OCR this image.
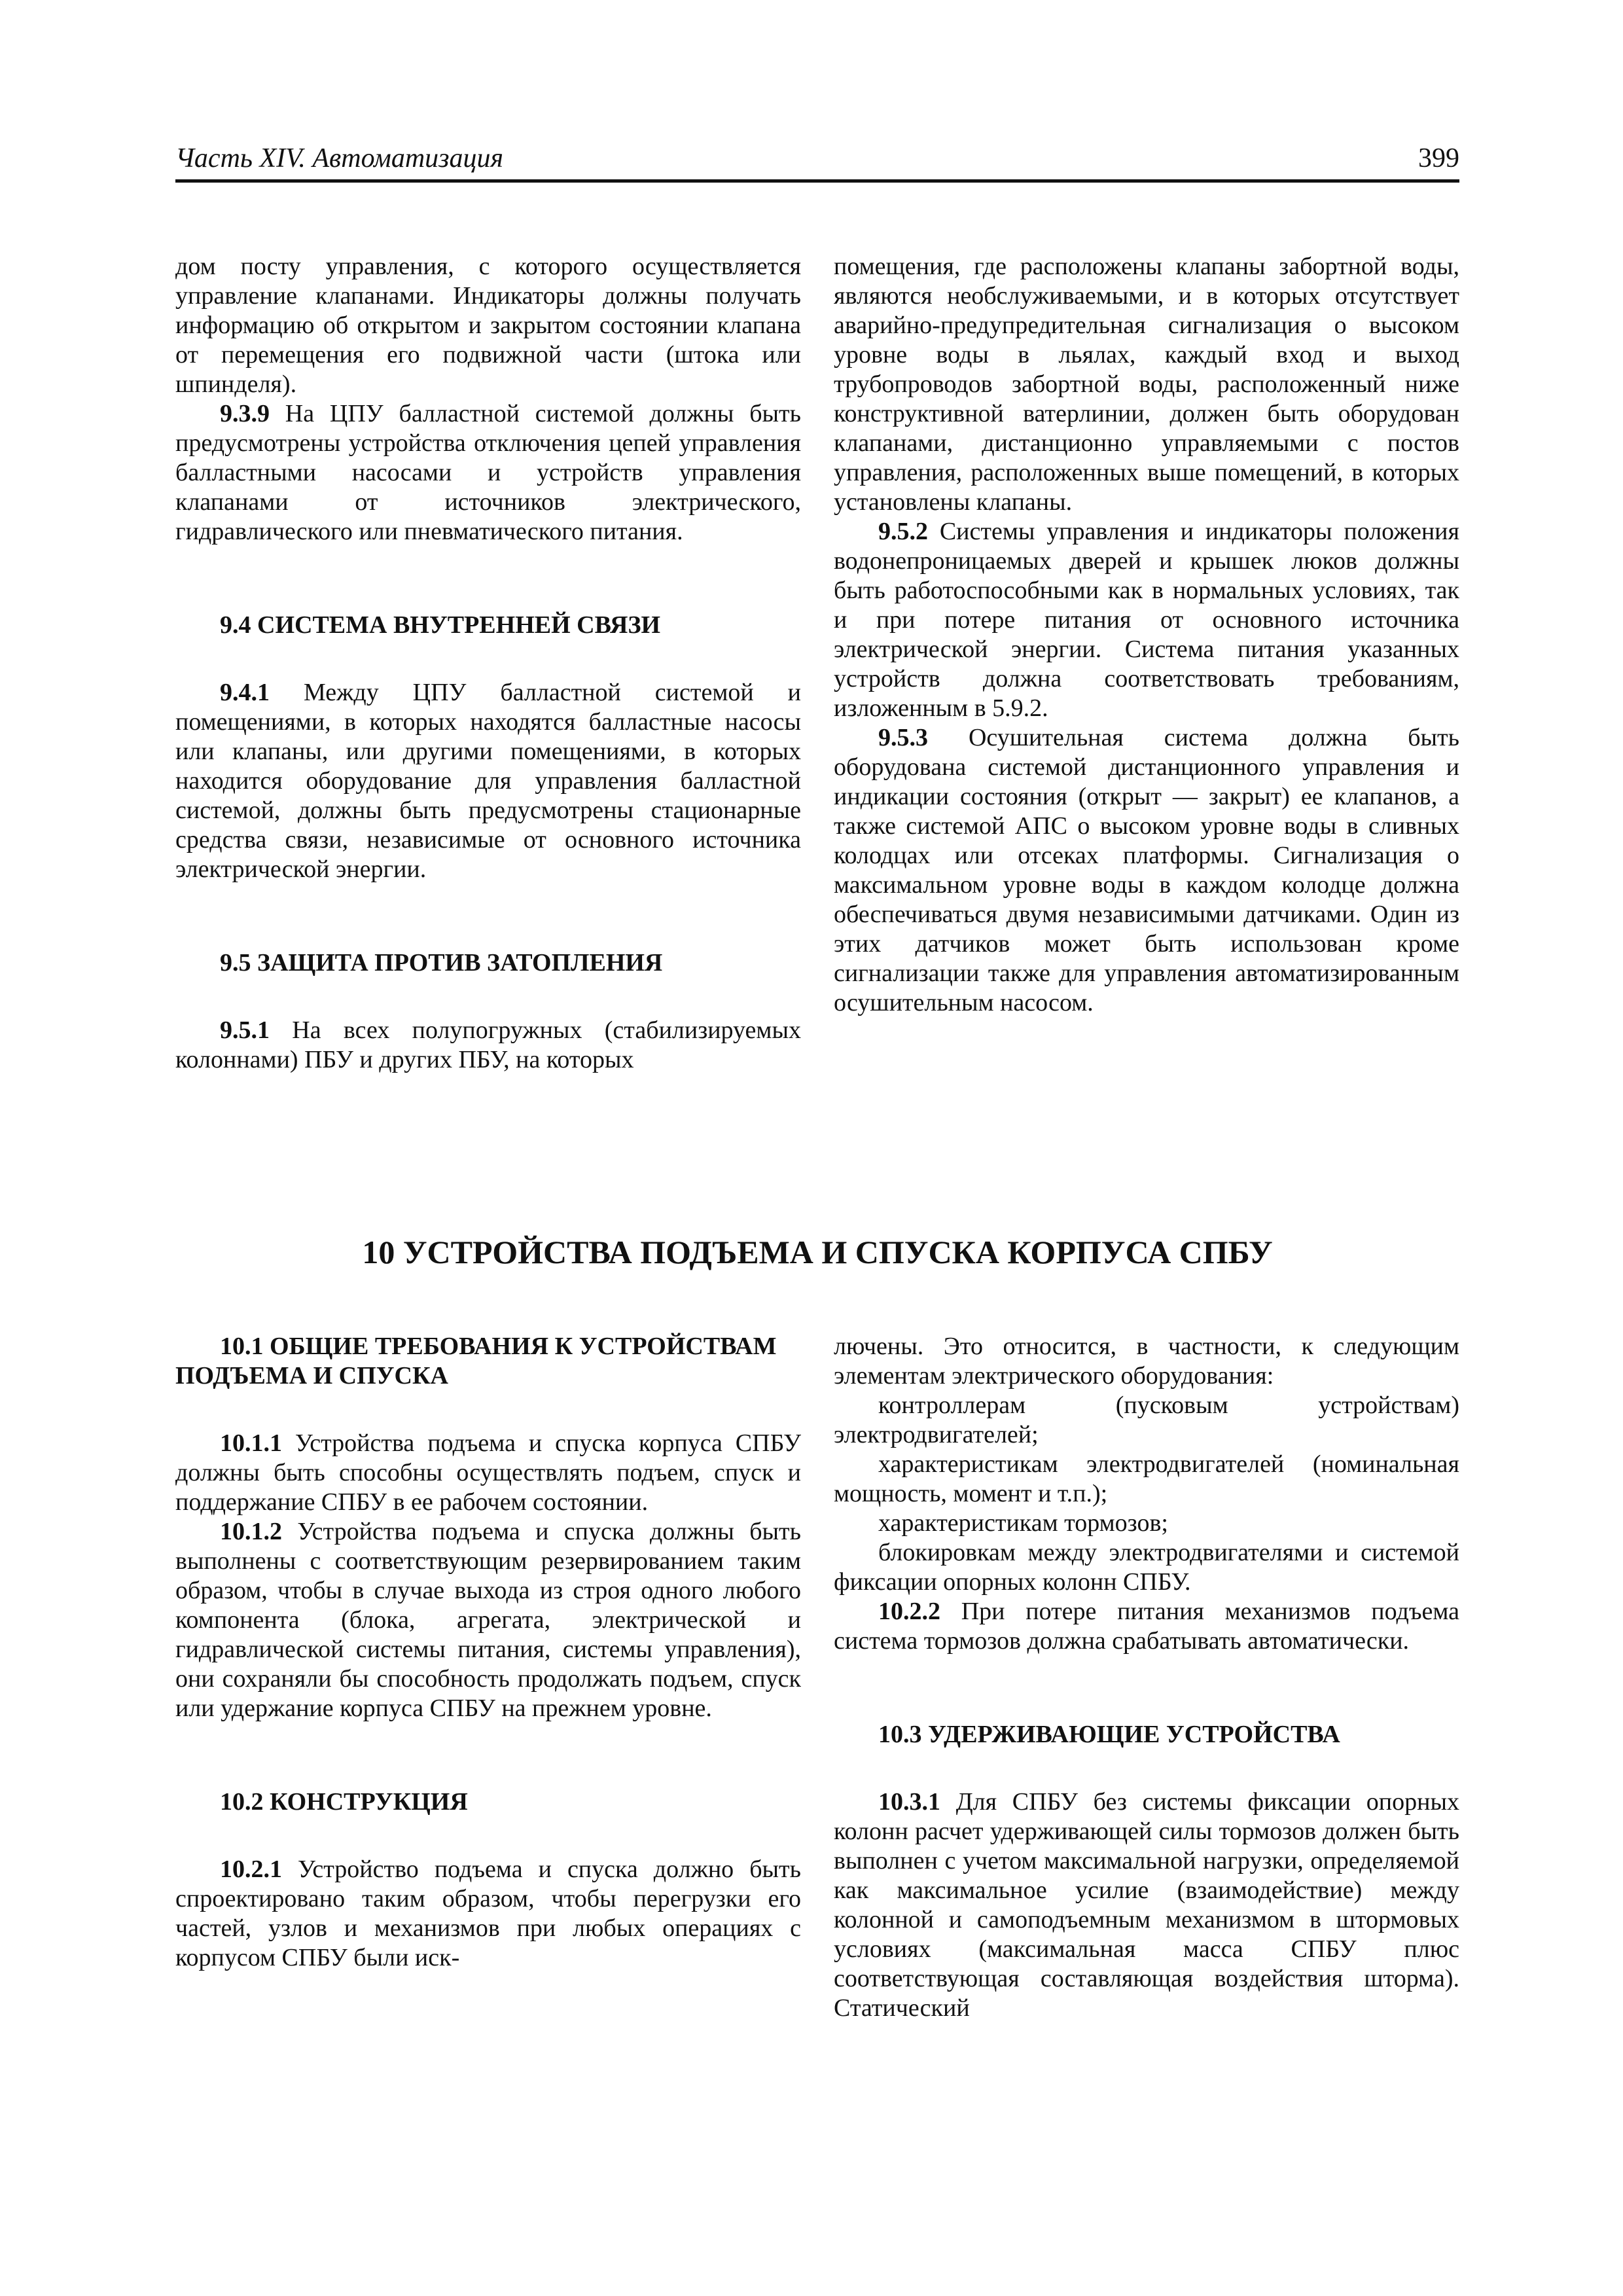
Часть XIV. Автоматизация	399

дом посту управления, с которого осуществляется управление клапанами. Индикаторы должны получать информацию об открытом и закрытом состоянии клапана от перемещения его подвижной части (штока или шпинделя).

9.3.9 На ЦПУ балластной системой должны быть предусмотрены устройства отключения цепей управления балластными насосами и устройств управления клапанами от источников электрического, гидравлического или пневматического питания.

9.4 СИСТЕМА ВНУТРЕННЕЙ СВЯЗИ

9.4.1 Между ЦПУ балластной системой и помещениями, в которых находятся балластные насосы или клапаны, или другими помещениями, в которых находится оборудование для управления балластной системой, должны быть предусмотрены стационарные средства связи, независимые от основного источника электрической энергии.

9.5 ЗАЩИТА ПРОТИВ ЗАТОПЛЕНИЯ

9.5.1 На всех полупогружных (стабилизируемых колоннами) ПБУ и других ПБУ, на которых

помещения, где расположены клапаны забортной воды, являются необслуживаемыми, и в которых отсутствует аварийно-предупредительная сигнализация о высоком уровне воды в льялах, каждый вход и выход трубопроводов забортной воды, расположенный ниже конструктивной ватерлинии, должен быть оборудован клапанами, дистанционно управляемыми с постов управления, расположенных выше помещений, в которых установлены клапаны.

9.5.2 Системы управления и индикаторы положения водонепроницаемых дверей и крышек люков должны быть работоспособными как в нормальных условиях, так и при потере питания от основного источника электрической энергии. Система питания указанных устройств должна соответствовать требованиям, изложенным в 5.9.2.

9.5.3 Осушительная система должна быть оборудована системой дистанционного управления и индикации состояния (открыт — закрыт) ее клапанов, а также системой АПС о высоком уровне воды в сливных колодцах или отсеках платформы. Сигнализация о максимальном уровне воды в каждом колодце должна обеспечиваться двумя независимыми датчиками. Один из этих датчиков может быть использован кроме сигнализации также для управления автоматизированным осушительным насосом.

10 УСТРОЙСТВА ПОДЪЕМА И СПУСКА КОРПУСА СПБУ

10.1 ОБЩИЕ ТРЕБОВАНИЯ К УСТРОЙСТВАМ
ПОДЪЕМА И СПУСКА

10.1.1 Устройства подъема и спуска корпуса СПБУ должны быть способны осуществлять подъем, спуск и поддержание СПБУ в ее рабочем состоянии.

10.1.2 Устройства подъема и спуска должны быть выполнены с соответствующим резервированием таким образом, чтобы в случае выхода из строя одного любого компонента (блока, агрегата, электрической и гидравлической системы питания, системы управления), они сохраняли бы способность продолжать подъем, спуск или удержание корпуса СПБУ на прежнем уровне.

10.2 КОНСТРУКЦИЯ

10.2.1 Устройство подъема и спуска должно быть спроектировано таким образом, чтобы перегрузки его частей, узлов и механизмов при любых операциях с корпусом СПБУ были иск-

лючены. Это относится, в частности, к следующим элементам электрического оборудования:

контроллерам (пусковым устройствам) электродвигателей;

характеристикам электродвигателей (номинальная мощность, момент и т.п.);

характеристикам тормозов;

блокировкам между электродвигателями и системой фиксации опорных колонн СПБУ.

10.2.2 При потере питания механизмов подъема система тормозов должна срабатывать автоматически.

10.3 УДЕРЖИВАЮЩИЕ УСТРОЙСТВА

10.3.1 Для СПБУ без системы фиксации опорных колонн расчет удерживающей силы тормозов должен быть выполнен с учетом максимальной нагрузки, определяемой как максимальное усилие (взаимодействие) между колонной и самоподъемным механизмом в штормовых условиях (максимальная масса СПБУ плюс соответствующая составляющая воздействия шторма). Статический
